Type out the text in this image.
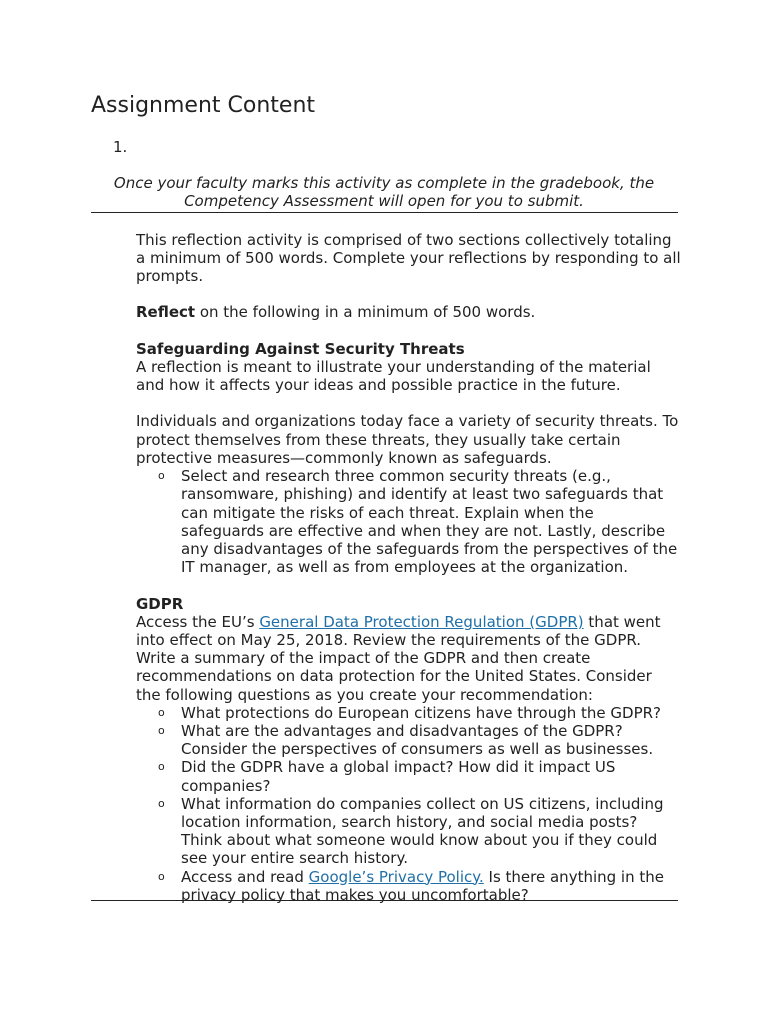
Assignment Content
1.
Once your faculty marks this activity as complete in the gradebook, the Competency Assessment will open for you to submit.

This reflection activity is comprised of two sections collectively totaling a minimum of 500 words. Complete your reflections by responding to all prompts.

Reflect on the following in a minimum of 500 words.

Safeguarding Against Security Threats

A reflection is meant to illustrate your understanding of the material and how it affects your ideas and possible practice in the future.

Individuals and organizations today face a variety of security threats. To protect themselves from these threats, they usually take certain protective measures—commonly known as safeguards.

o Select and research three common security threats (e.g., ransomware, phishing) and identify at least two safeguards that can mitigate the risks of each threat. Explain when the safeguards are effective and when they are not. Lastly, describe any disadvantages of the safeguards from the perspectives of the IT manager, as well as from employees at the organization.

GDPR

Access the EU’s General Data Protection Regulation (GDPR) that went into effect on May 25, 2018. Review the requirements of the GDPR. Write a summary of the impact of the GDPR and then create recommendations on data protection for the United States. Consider the following questions as you create your recommendation:

o What protections do European citizens have through the GDPR?
o What are the advantages and disadvantages of the GDPR? Consider the perspectives of consumers as well as businesses.
o Did the GDPR have a global impact? How did it impact US companies?
o What information do companies collect on US citizens, including location information, search history, and social media posts? Think about what someone would know about you if they could see your entire search history.
o Access and read Google’s Privacy Policy. Is there anything in the privacy policy that makes you uncomfortable?
